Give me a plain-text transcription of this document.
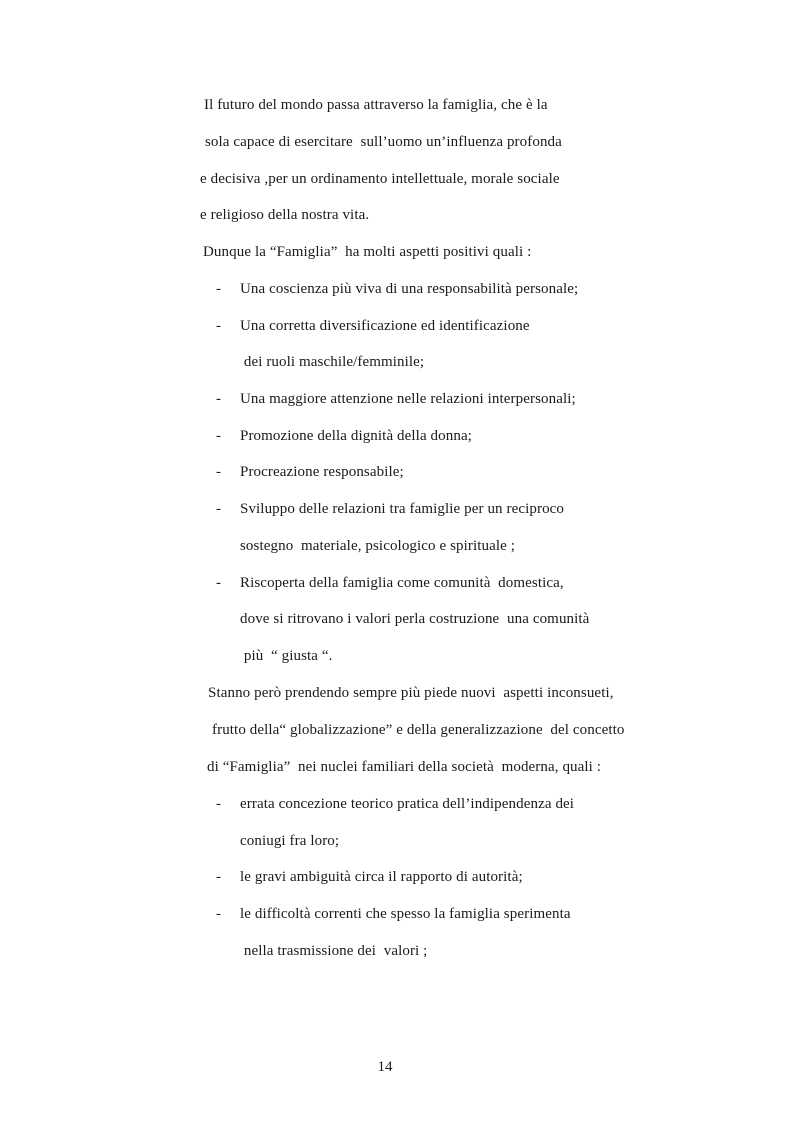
Il futuro del mondo passa attraverso la famiglia, che è la
sola capace di esercitare  sull’uomo un’influenza profonda
e decisiva ,per un ordinamento intellettuale, morale sociale
e religioso della nostra vita.
Dunque la “Famiglia”  ha molti aspetti positivi quali :
- Una coscienza più viva di una responsabilità personale;
- Una corretta diversificazione ed identificazione
dei ruoli maschile/femminile;
- Una maggiore attenzione nelle relazioni interpersonali;
- Promozione della dignità della donna;
- Procreazione responsabile;
- Sviluppo delle relazioni tra famiglie per un reciproco
sostegno  materiale, psicologico e spirituale ;
- Riscoperta della famiglia come comunità  domestica,
dove si ritrovano i valori perla costruzione  una comunità
più  “ giusta “.
Stanno però prendendo sempre più piede nuovi  aspetti inconsueti,
frutto della“ globalizzazione” e della generalizzazione  del concetto
di “Famiglia”  nei nuclei familiari della società  moderna, quali :
- errata concezione teorico pratica dell’indipendenza dei
coniugi fra loro;
- le gravi ambiguità circa il rapporto di autorità;
- le difficoltà correnti che spesso la famiglia sperimenta
nella trasmissione dei  valori ;
14
